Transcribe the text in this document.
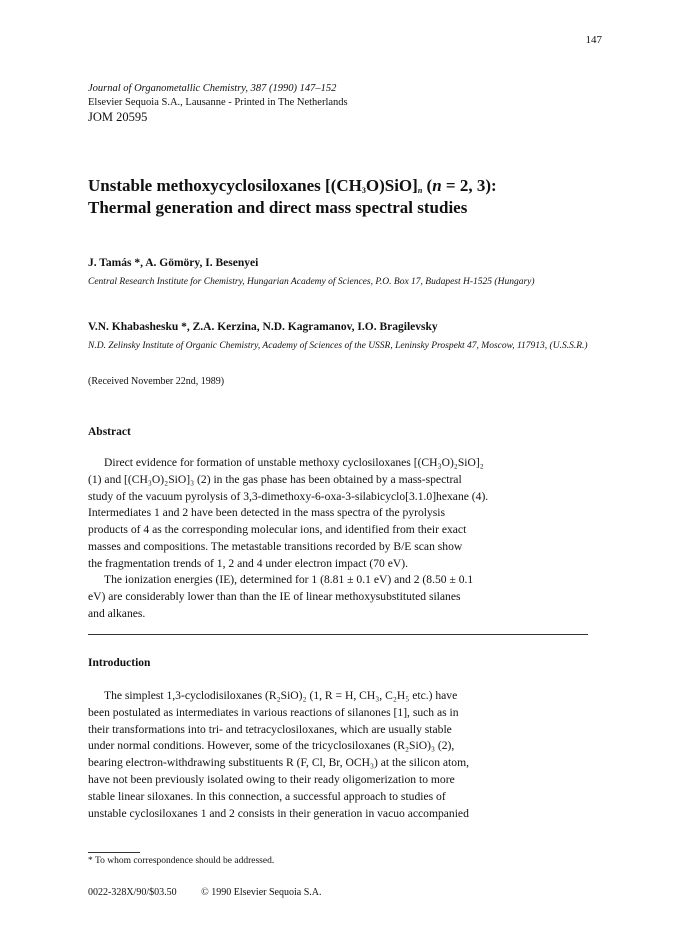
147
Journal of Organometallic Chemistry, 387 (1990) 147–152
Elsevier Sequoia S.A., Lausanne - Printed in The Netherlands
JOM 20595
Unstable methoxycyclosiloxanes $[(CH_3O)SiO]_n$ (n = 2, 3):
Thermal generation and direct mass spectral studies
J. Tamás *, A. Gömöry, I. Besenyei
Central Research Institute for Chemistry, Hungarian Academy of Sciences, P.O. Box 17, Budapest H-1525 (Hungary)
V.N. Khabashesku *, Z.A. Kerzina, N.D. Kagramanov, I.O. Bragilevsky
N.D. Zelinsky Institute of Organic Chemistry, Academy of Sciences of the USSR, Leninsky Prospekt 47, Moscow, 117913, (U.S.S.R.)
(Received November 22nd, 1989)
Abstract
Direct evidence for formation of unstable methoxy cyclosiloxanes [(CH₃O)₂SiO]₂
(1) and [(CH₃O)₂SiO]₃ (2) in the gas phase has been obtained by a mass-spectral
study of the vacuum pyrolysis of 3,3-dimethoxy-6-oxa-3-silabicyclo[3.1.0]hexane (4).
Intermediates 1 and 2 have been detected in the mass spectra of the pyrolysis
products of 4 as the corresponding molecular ions, and identified from their exact
masses and compositions. The metastable transitions recorded by B/E scan show
the fragmentation trends of 1, 2 and 4 under electron impact (70 eV).
The ionization energies (IE), determined for 1 (8.81 ± 0.1 eV) and 2 (8.50 ± 0.1
eV) are considerably lower than than the IE of linear methoxysubstituted silanes
and alkanes.
Introduction
The simplest 1,3-cyclodisiloxanes (R₂SiO)₂ (1, R = H, CH₃, C₂H₅ etc.) have
been postulated as intermediates in various reactions of silanones [1], such as in
their transformations into tri- and tetracyclosiloxanes, which are usually stable
under normal conditions. However, some of the tricyclosiloxanes (R₂SiO)₃ (2),
bearing electron-withdrawing substituents R (F, Cl, Br, OCH₃) at the silicon atom,
have not been previously isolated owing to their ready oligomerization to more
stable linear siloxanes. In this connection, a successful approach to studies of
unstable cyclosiloxanes 1 and 2 consists in their generation in vacuo accompanied
* To whom correspondence should be addressed.
0022-328X/90/$03.50 © 1990 Elsevier Sequoia S.A.
